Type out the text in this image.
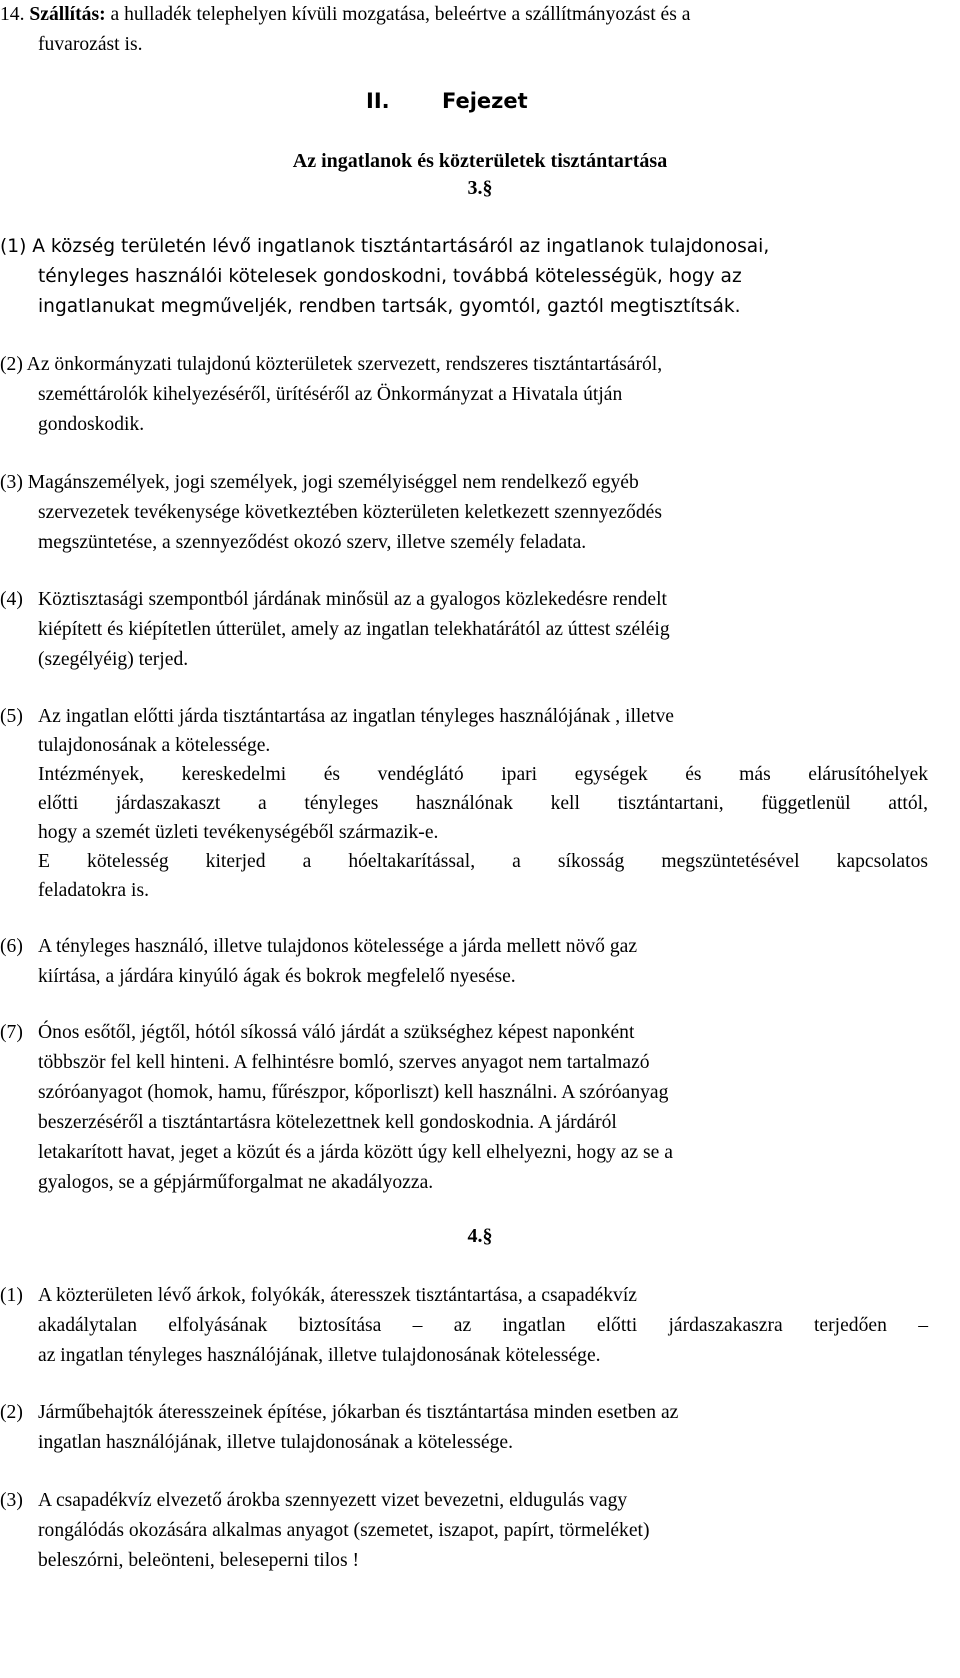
14. Szállítás: a hulladék telephelyen kívüli mozgatása, beleértve a szállítmányozást és a

fuvarozást is.

II. Fejezet
Az ingatlanok és közterületek tisztántartása
3.§

(1) A község területén lévő ingatlanok tisztántartásáról az ingatlanok tulajdonosai,

tényleges használói kötelesek gondoskodni, továbbá kötelességük, hogy az

ingatlanukat megműveljék, rendben tartsák, gyomtól, gaztól megtisztítsák.

(2) Az önkormányzati tulajdonú közterületek szervezett, rendszeres tisztántartásáról,

szeméttárolók kihelyezéséről, ürítéséről az Önkormányzat a Hivatala útján

gondoskodik.

(3) Magánszemélyek, jogi személyek, jogi személyiséggel nem rendelkező egyéb

szervezetek tevékenysége következtében közterületen keletkezett szennyeződés

megszüntetése, a szennyeződést okozó szerv, illetve személy feladata.

(4) Köztisztasági szempontból járdának minősül az a gyalogos közlekedésre rendelt

kiépített és kiépítetlen útterület, amely az ingatlan telekhatárától az úttest széléig

(szegélyéig) terjed.

(5) Az ingatlan előtti járda tisztántartása az ingatlan tényleges használójának , illetve

tulajdonosának a kötelessége.

Intézmények, kereskedelmi és vendéglátó ipari egységek és más elárusítóhelyek

előtti járdaszakaszt a tényleges használónak kell tisztántartani, függetlenül attól,

hogy a szemét üzleti tevékenységéből származik-e.

E kötelesség kiterjed a hóeltakarítással, a síkosság megszüntetésével kapcsolatos

feladatokra is.

(6) A tényleges használó, illetve tulajdonos kötelessége a járda mellett növő gaz

kiírtása, a járdára kinyúló ágak és bokrok megfelelő nyesése.

(7) Ónos esőtől, jégtől, hótól síkossá váló járdát a szükséghez képest naponként

többször fel kell hinteni. A felhintésre bomló, szerves anyagot nem tartalmazó

szóróanyagot (homok, hamu, fűrészpor, kőporliszt) kell használni. A szóróanyag

beszerzéséről a tisztántartásra kötelezettnek kell gondoskodnia. A járdáról

letakarított havat, jeget a közút és a járda között úgy kell elhelyezni, hogy az se a

gyalogos, se a gépjárműforgalmat ne akadályozza.

4.§

(1) A közterületen lévő árkok, folyókák, áteresszek tisztántartása, a csapadékvíz

akadálytalan elfolyásának biztosítása – az ingatlan előtti járdaszakaszra terjedően –

az ingatlan tényleges használójának, illetve tulajdonosának kötelessége.

(2) Járműbehajtók áteresszeinek építése, jókarban és tisztántartása minden esetben az

ingatlan használójának, illetve tulajdonosának a kötelessége.

(3) A csapadékvíz elvezető árokba szennyezett vizet bevezetni, eldugulás vagy

rongálódás okozására alkalmas anyagot (szemetet, iszapot, papírt, törmeléket)

beleszórni, beleönteni, beleseperni tilos !
